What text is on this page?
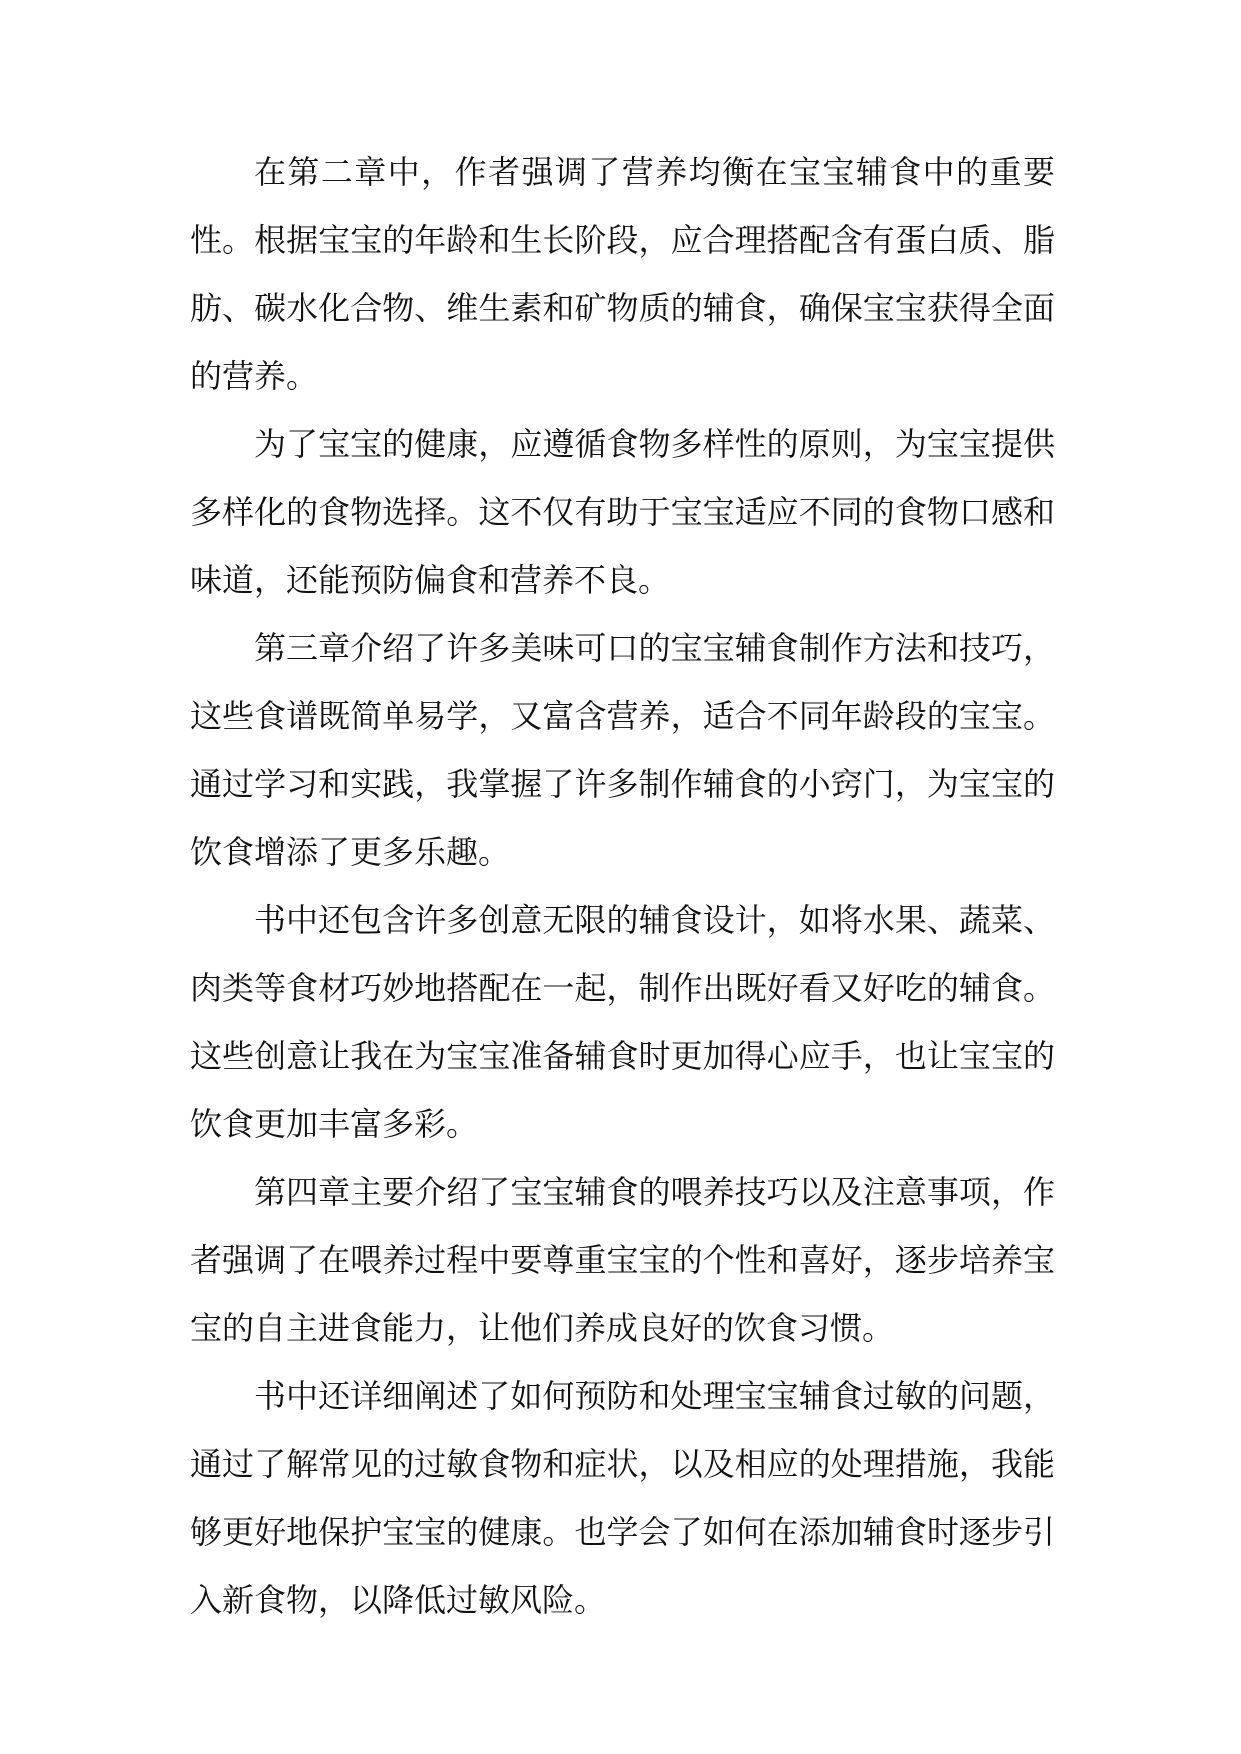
在第二章中，作者强调了营养均衡在宝宝辅食中的重要性。根据宝宝的年龄和生长阶段，应合理搭配含有蛋白质、脂肪、碳水化合物、维生素和矿物质的辅食，确保宝宝获得全面的营养。

为了宝宝的健康，应遵循食物多样性的原则，为宝宝提供多样化的食物选择。这不仅有助于宝宝适应不同的食物口感和味道，还能预防偏食和营养不良。

第三章介绍了许多美味可口的宝宝辅食制作方法和技巧，这些食谱既简单易学，又富含营养，适合不同年龄段的宝宝。通过学习和实践，我掌握了许多制作辅食的小窍门，为宝宝的饮食增添了更多乐趣。

书中还包含许多创意无限的辅食设计，如将水果、蔬菜、肉类等食材巧妙地搭配在一起，制作出既好看又好吃的辅食。这些创意让我在为宝宝准备辅食时更加得心应手，也让宝宝的饮食更加丰富多彩。

第四章主要介绍了宝宝辅食的喂养技巧以及注意事项，作者强调了在喂养过程中要尊重宝宝的个性和喜好，逐步培养宝宝的自主进食能力，让他们养成良好的饮食习惯。

书中还详细阐述了如何预防和处理宝宝辅食过敏的问题，通过了解常见的过敏食物和症状，以及相应的处理措施，我能够更好地保护宝宝的健康。也学会了如何在添加辅食时逐步引入新食物，以降低过敏风险。
